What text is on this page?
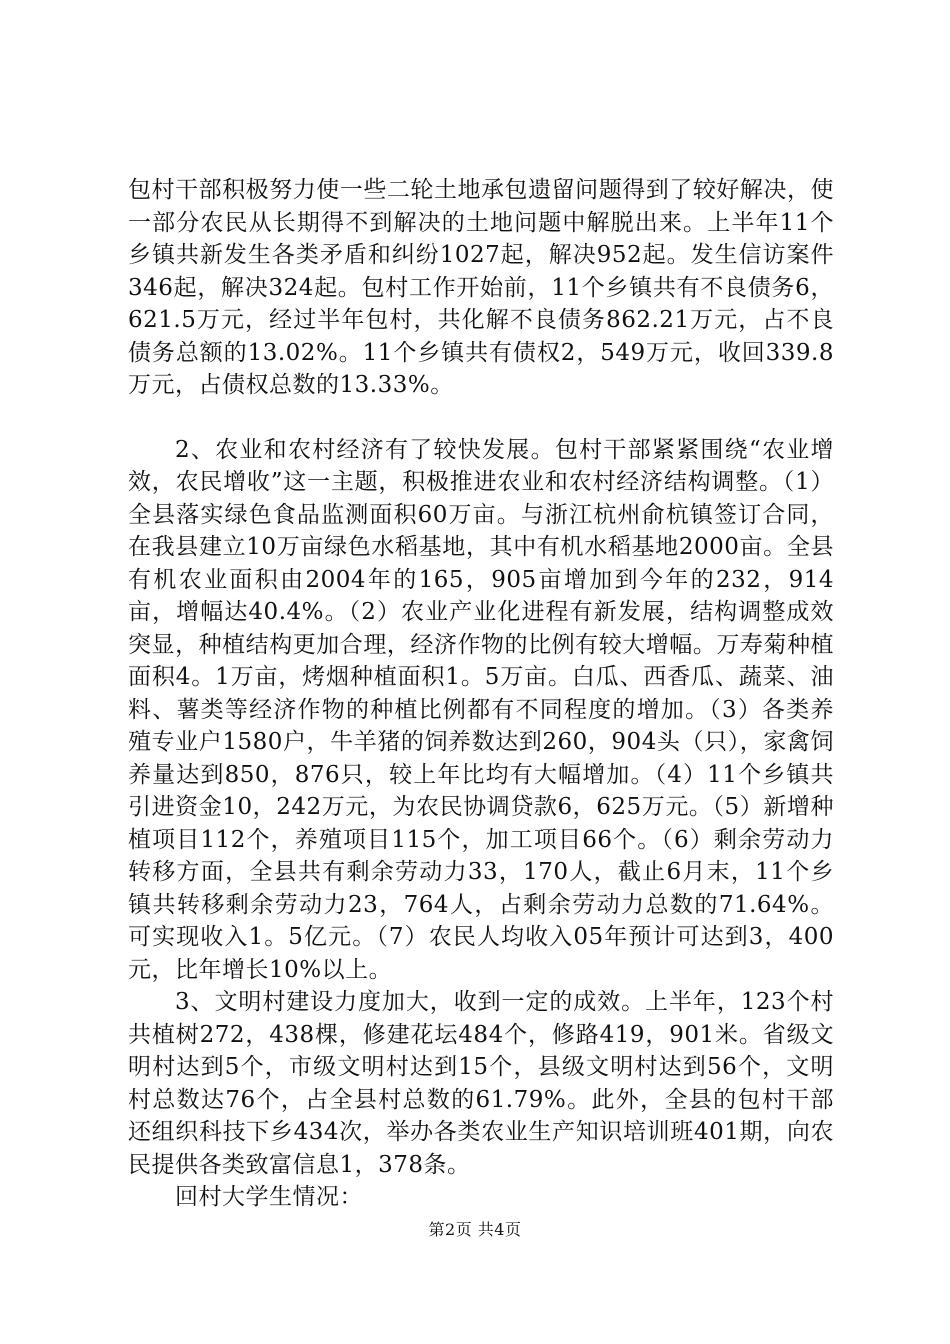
包村干部积极努力使一些二轮土地承包遗留问题得到了较好解决，使一部分农民从长期得不到解决的土地问题中解脱出来。上半年11个乡镇共新发生各类矛盾和纠纷1027起，解决952起。发生信访案件346起，解决324起。包村工作开始前，11个乡镇共有不良债务6，621.5万元，经过半年包村，共化解不良债务862.21万元，占不良债务总额的13.02%。11个乡镇共有债权2，549万元，收回339.8万元，占债权总数的13.33%。

2、农业和农村经济有了较快发展。包村干部紧紧围绕“农业增效，农民增收”这一主题，积极推进农业和农村经济结构调整。（1）全县落实绿色食品监测面积60万亩。与浙江杭州俞杭镇签订合同，在我县建立10万亩绿色水稻基地，其中有机水稻基地2000亩。全县有机农业面积由2004年的165，905亩增加到今年的232，914亩，增幅达40.4%。（2）农业产业化进程有新发展，结构调整成效突显，种植结构更加合理，经济作物的比例有较大增幅。万寿菊种植面积4。1万亩，烤烟种植面积1。5万亩。白瓜、西香瓜、蔬菜、油料、薯类等经济作物的种植比例都有不同程度的增加。（3）各类养殖专业户1580户，牛羊猪的饲养数达到260，904头（只），家禽饲养量达到850，876只，较上年比均有大幅增加。（4）11个乡镇共引进资金10，242万元，为农民协调贷款6，625万元。（5）新增种植项目112个，养殖项目115个，加工项目66个。（6）剩余劳动力转移方面，全县共有剩余劳动力33，170人，截止6月末，11个乡镇共转移剩余劳动力23，764人，占剩余劳动力总数的71.64%。可实现收入1。5亿元。（7）农民人均收入05年预计可达到3，400元，比年增长10%以上。

3、文明村建设力度加大，收到一定的成效。上半年，123个村共植树272，438棵，修建花坛484个，修路419，901米。省级文明村达到5个，市级文明村达到15个，县级文明村达到56个，文明村总数达76个，占全县村总数的61.79%。此外，全县的包村干部还组织科技下乡434次，举办各类农业生产知识培训班401期，向农民提供各类致富信息1，378条。

回村大学生情况：

第2页 共4页
